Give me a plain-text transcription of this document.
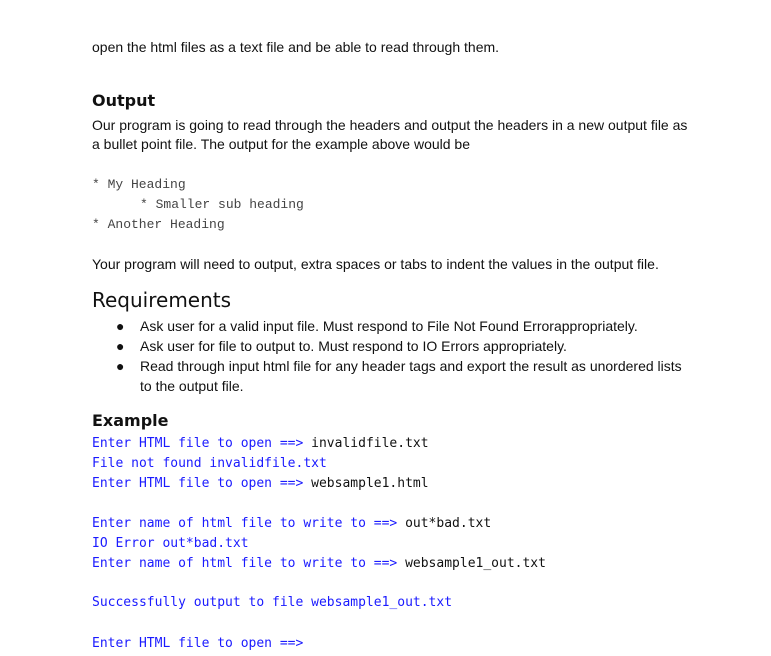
open the html files as a text file and be able to read through them.

Output

Our program is going to read through the headers and output the headers in a new output file as

a bullet point file. The output for the example above would be

* My Heading

* Smaller sub heading

* Another Heading

Your program will need to output, extra spaces or tabs to indent the values in the output file.

Requirements
● Ask user for a valid input file. Must respond to File Not Found Errorappropriately.
● Ask user for file to output to. Must respond to IO Errors appropriately.
● Read through input html file for any header tags and export the result as unordered lists
to the output file.
Example

Enter HTML file to open ==> invalidfile.txt

File not found invalidfile.txt

Enter HTML file to open ==> websample1.html

Enter name of html file to write to ==> out*bad.txt

IO Error out*bad.txt

Enter name of html file to write to ==> websample1_out.txt

Successfully output to file websample1_out.txt

Enter HTML file to open ==>
